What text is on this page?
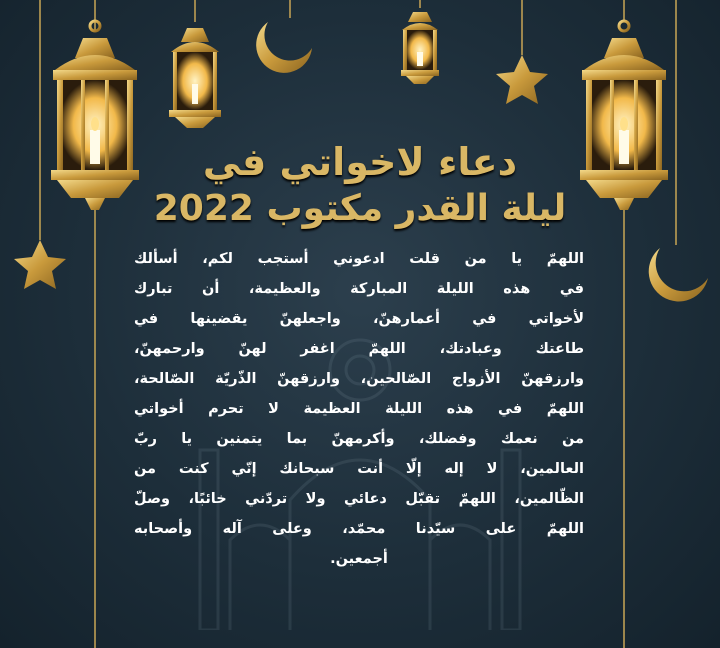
دعاء لاخواتي في
ليلة القدر مكتوب 2022
اللهمّ يا من قلت ادعوني أستجب لكم، أسألك
في هذه الليلة المباركة والعظيمة، أن تبارك
لأخواتي في أعمارهنّ، واجعلهنّ يقضينها في
طاعتك وعبادتك، اللهمّ اغفر لهنّ وارحمهنّ،
وارزقهنّ الأزواج الصّالحين، وارزقهنّ الذّريّة الصّالحة،
اللهمّ في هذه الليلة العظيمة لا تحرم أخواتي
من نعمك وفضلك، وأكرمهنّ بما يتمنين يا ربّ
العالمين، لا إله إلّا أنت سبحانك إنّي كنت من
الظّالمين، اللهمّ تقبّل دعائي ولا تردّني خائبًا، وصلّ
اللهمّ على سيّدنا محمّد، وعلى آله وأصحابه
أجمعين.
